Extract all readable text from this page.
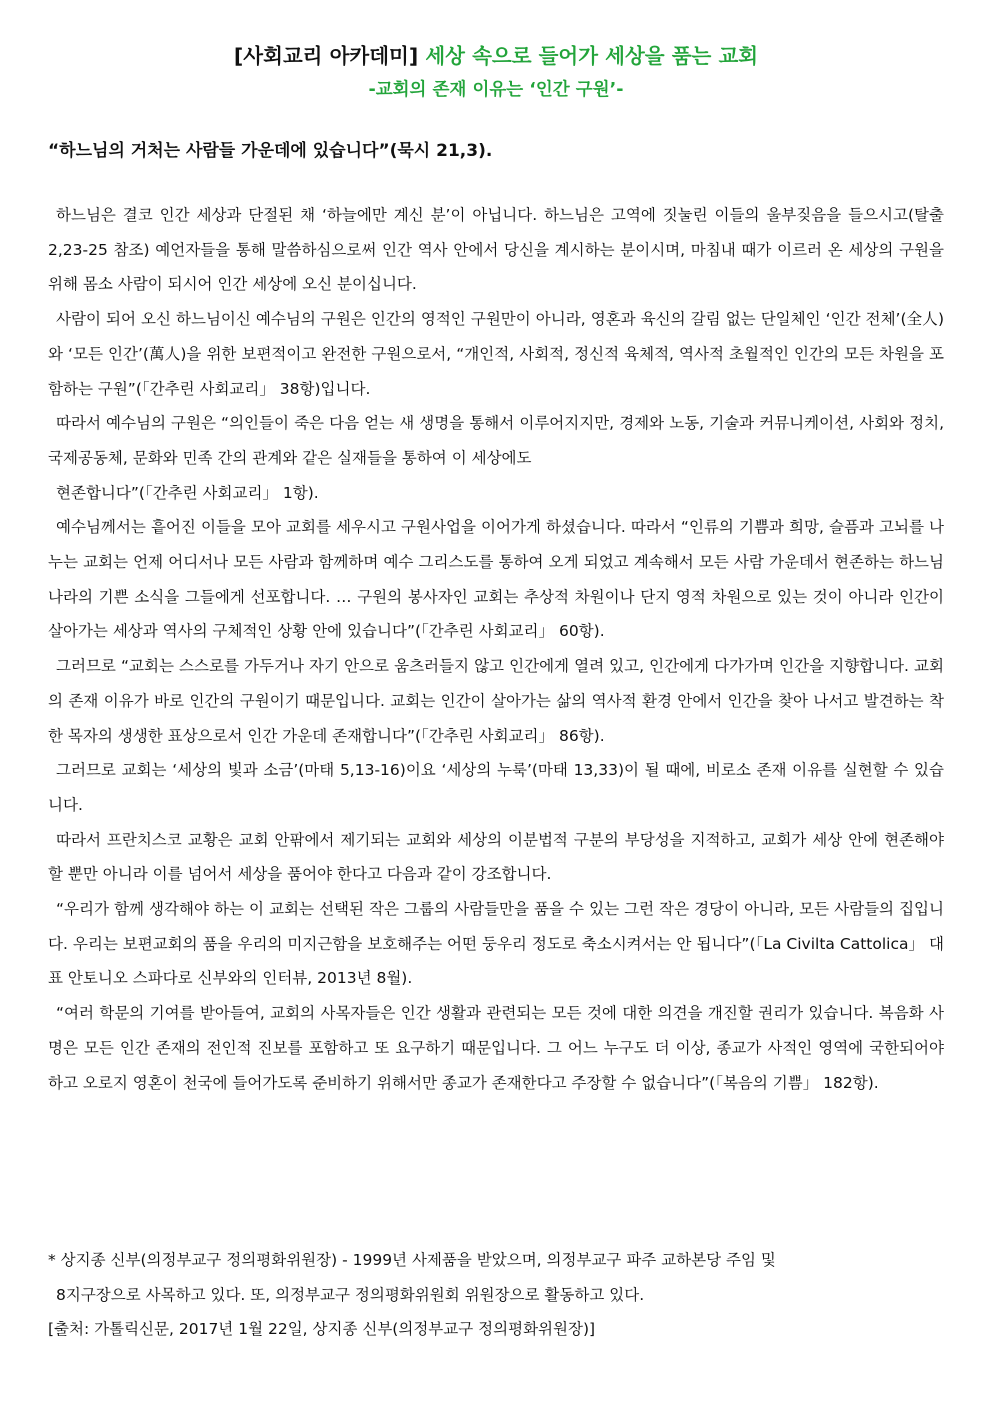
[사회교리 아카데미] 세상 속으로 들어가 세상을 품는 교회
-교회의 존재 이유는 ‘인간 구원’-
“하느님의 거처는 사람들 가운데에 있습니다”(묵시 21,3).

하느님은 결코 인간 세상과 단절된 채 ‘하늘에만 계신 분’이 아닙니다. 하느님은 고역에 짓눌린 이들의 울부짖음을 들으시고(탈출 2,23-25 참조) 예언자들을 통해 말씀하심으로써 인간 역사 안에서 당신을 계시하는 분이시며, 마침내 때가 이르러 온 세상의 구원을 위해 몸소 사람이 되시어 인간 세상에 오신 분이십니다.

사람이 되어 오신 하느님이신 예수님의 구원은 인간의 영적인 구원만이 아니라, 영혼과 육신의 갈림 없는 단일체인 ‘인간 전체’(全人)와 ‘모든 인간’(萬人)을 위한 보편적이고 완전한 구원으로서, “개인적, 사회적, 정신적 육체적, 역사적 초월적인 인간의 모든 차원을 포함하는 구원”(「간추린 사회교리」 38항)입니다.

따라서 예수님의 구원은 “의인들이 죽은 다음 얻는 새 생명을 통해서 이루어지지만, 경제와 노동, 기술과 커뮤니케이션, 사회와 정치, 국제공동체, 문화와 민족 간의 관계와 같은 실재들을 통하여 이 세상에도

현존합니다”(「간추린 사회교리」 1항).

예수님께서는 흩어진 이들을 모아 교회를 세우시고 구원사업을 이어가게 하셨습니다. 따라서 “인류의 기쁨과 희망, 슬픔과 고뇌를 나누는 교회는 언제 어디서나 모든 사람과 함께하며 예수 그리스도를 통하여 오게 되었고 계속해서 모든 사람 가운데서 현존하는 하느님 나라의 기쁜 소식을 그들에게 선포합니다. … 구원의 봉사자인 교회는 추상적 차원이나 단지 영적 차원으로 있는 것이 아니라 인간이 살아가는 세상과 역사의 구체적인 상황 안에 있습니다”(「간추린 사회교리」 60항).

그러므로 “교회는 스스로를 가두거나 자기 안으로 움츠러들지 않고 인간에게 열려 있고, 인간에게 다가가며 인간을 지향합니다. 교회의 존재 이유가 바로 인간의 구원이기 때문입니다. 교회는 인간이 살아가는 삶의 역사적 환경 안에서 인간을 찾아 나서고 발견하는 착한 목자의 생생한 표상으로서 인간 가운데 존재합니다”(「간추린 사회교리」 86항).

그러므로 교회는 ‘세상의 빛과 소금’(마태 5,13-16)이요 ‘세상의 누룩’(마태 13,33)이 될 때에, 비로소 존재 이유를 실현할 수 있습니다.

따라서 프란치스코 교황은 교회 안팎에서 제기되는 교회와 세상의 이분법적 구분의 부당성을 지적하고, 교회가 세상 안에 현존해야 할 뿐만 아니라 이를 넘어서 세상을 품어야 한다고 다음과 같이 강조합니다.

“우리가 함께 생각해야 하는 이 교회는 선택된 작은 그룹의 사람들만을 품을 수 있는 그런 작은 경당이 아니라, 모든 사람들의 집입니다. 우리는 보편교회의 품을 우리의 미지근함을 보호해주는 어떤 둥우리 정도로 축소시켜서는 안 됩니다”(「La Civilta Cattolica」 대표 안토니오 스파다로 신부와의 인터뷰, 2013년 8월).

“여러 학문의 기여를 받아들여, 교회의 사목자들은 인간 생활과 관련되는 모든 것에 대한 의견을 개진할 권리가 있습니다. 복음화 사명은 모든 인간 존재의 전인적 진보를 포함하고 또 요구하기 때문입니다. 그 어느 누구도 더 이상, 종교가 사적인 영역에 국한되어야 하고 오로지 영혼이 천국에 들어가도록 준비하기 위해서만 종교가 존재한다고 주장할 수 없습니다”(「복음의 기쁨」 182항).

* 상지종 신부(의정부교구 정의평화위원장) - 1999년 사제품을 받았으며, 의정부교구 파주 교하본당 주임 및

8지구장으로 사목하고 있다. 또, 의정부교구 정의평화위원회 위원장으로 활동하고 있다.

[출처: 가톨릭신문, 2017년 1월 22일, 상지종 신부(의정부교구 정의평화위원장)]
